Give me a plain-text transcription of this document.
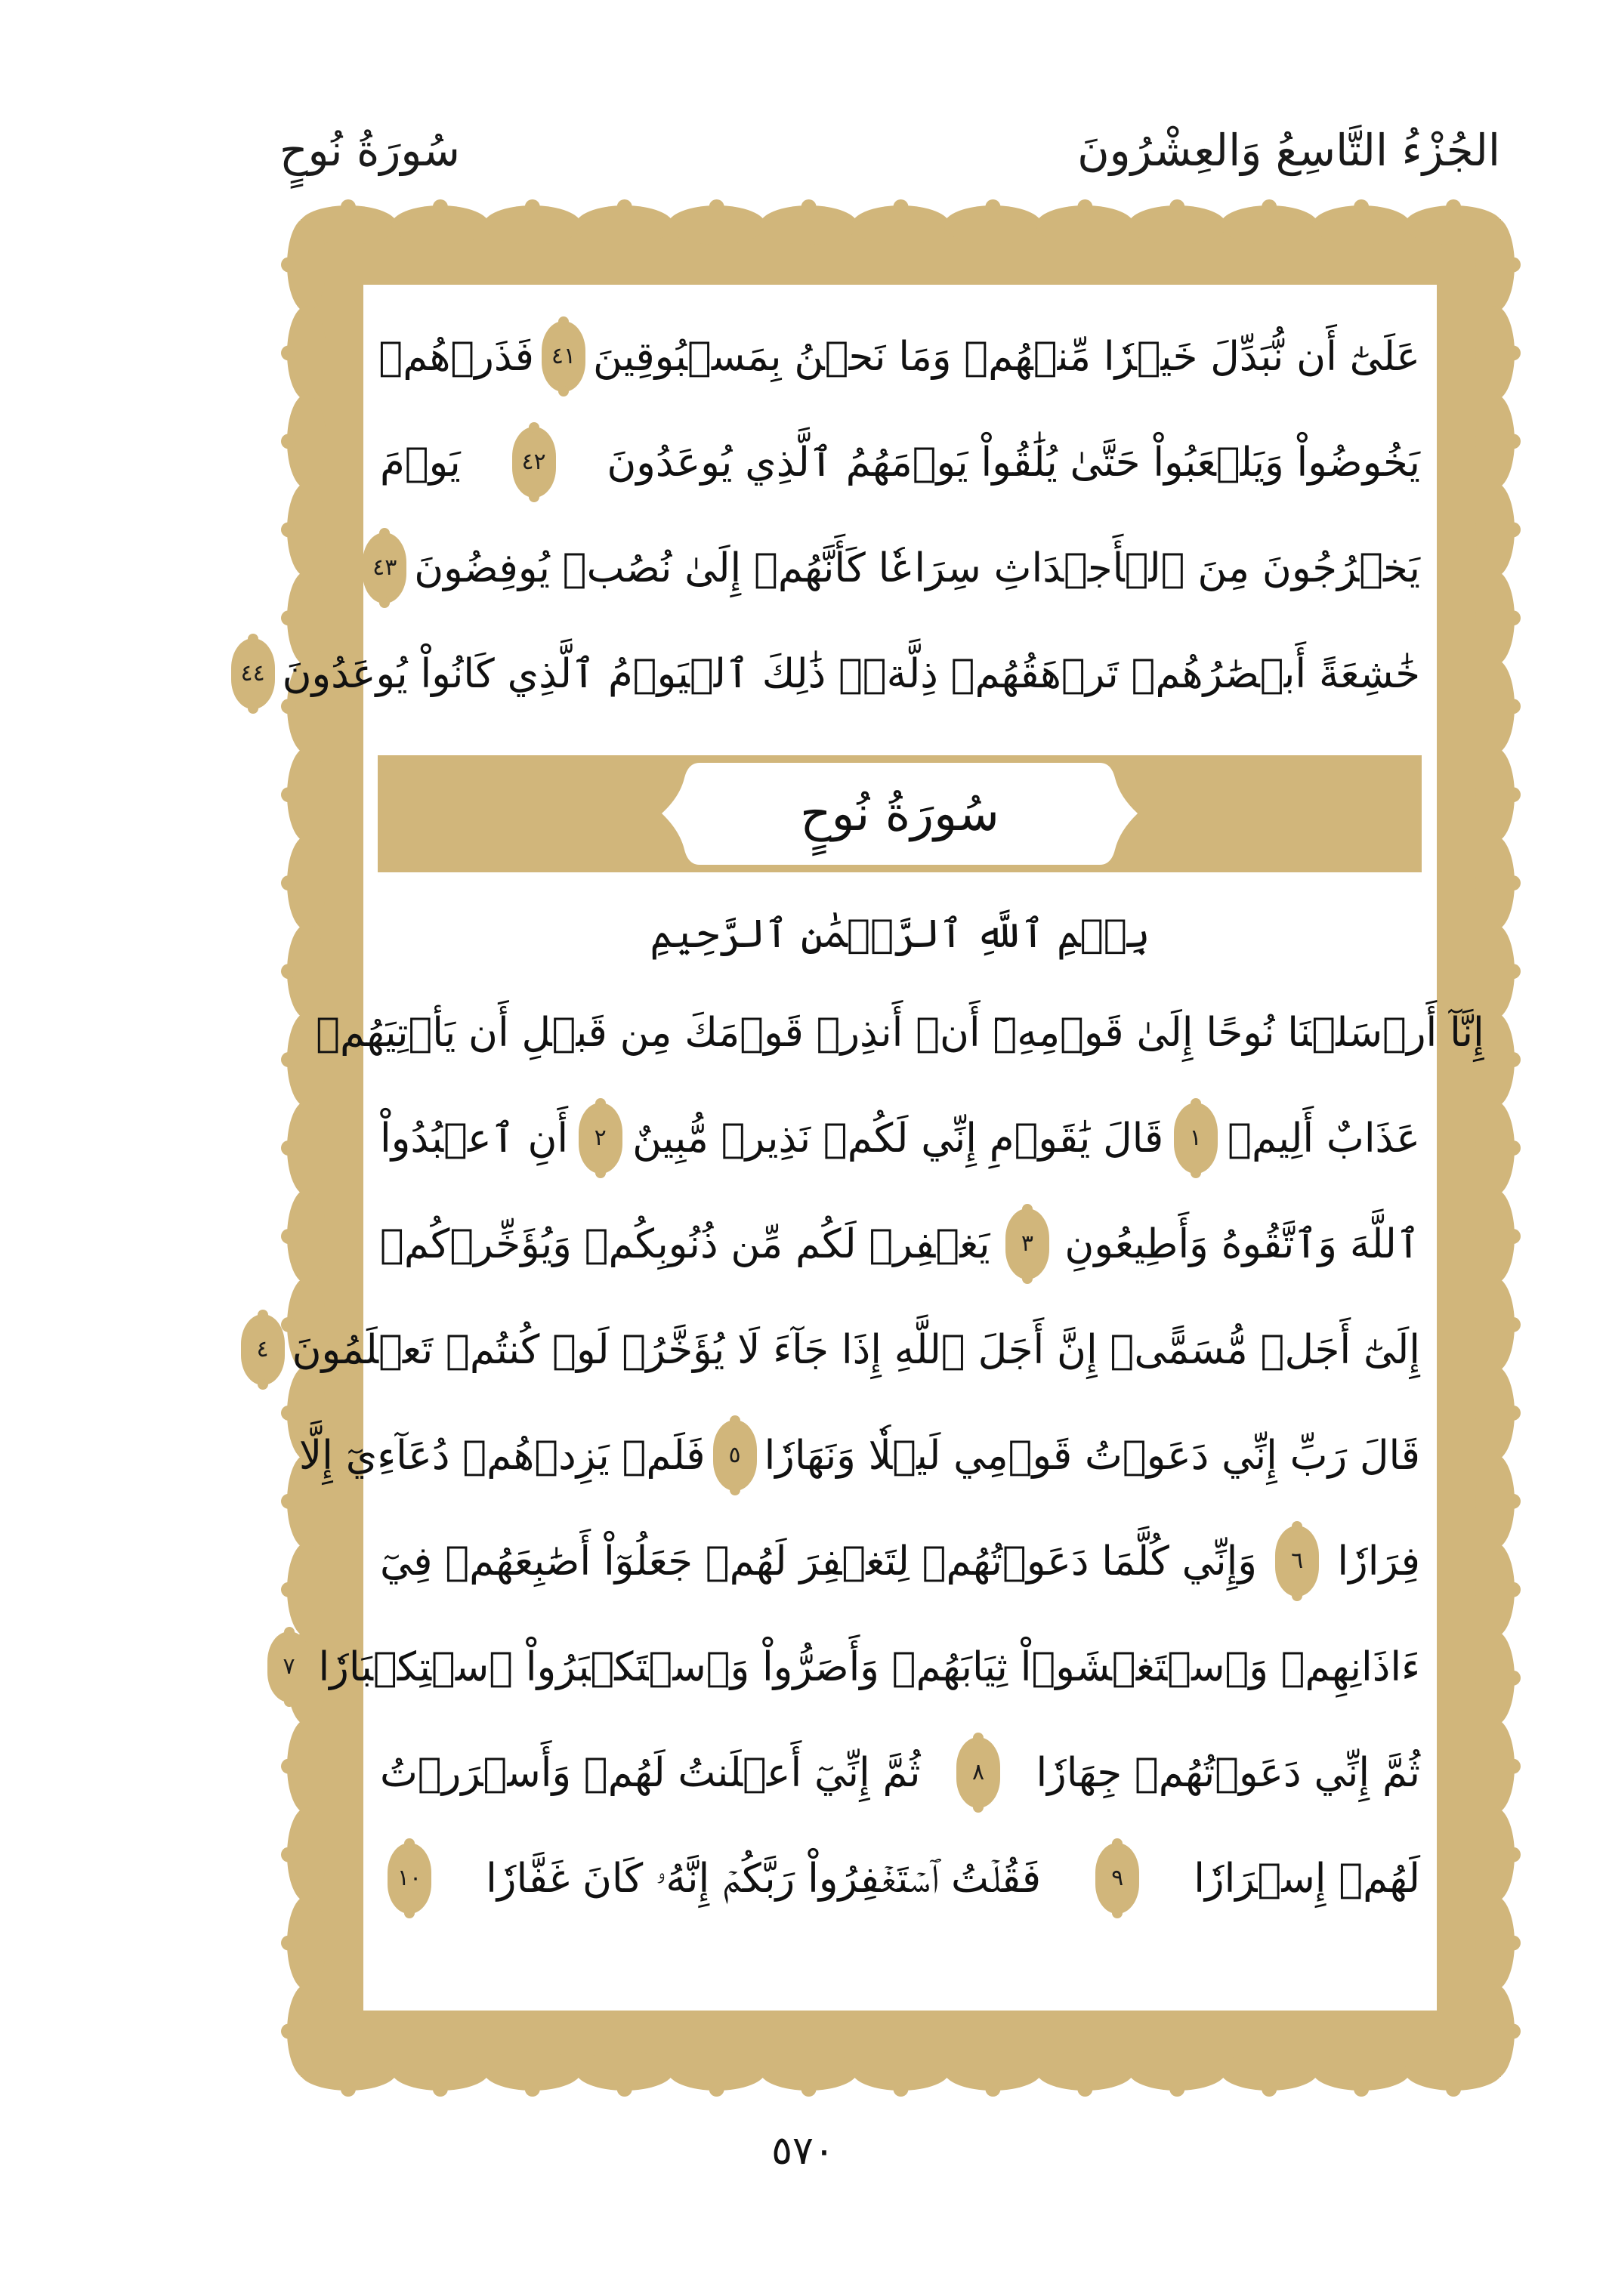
الجُزْءُ التَّاسِعُ وَالعِشْرُونَ
سُورَةُ نُوحٍ
عَلَىٰٓ أَن نُّبَدِّلَ خَيۡرٗا مِّنۡهُمۡ وَمَا نَحۡنُ بِمَسۡبُوقِينَ
٤١
فَذَرۡهُمۡ
يَخُوضُواْ وَيَلۡعَبُواْ حَتَّىٰ يُلَٰقُواْ يَوۡمَهُمُ ٱلَّذِي يُوعَدُونَ
٤٢
يَوۡمَ
يَخۡرُجُونَ مِنَ ٱلۡأَجۡدَاثِ سِرَاعٗا كَأَنَّهُمۡ إِلَىٰ نُصُبٖ يُوفِضُونَ
٤٣
خَٰشِعَةً أَبۡصَٰرُهُمۡ تَرۡهَقُهُمۡ ذِلَّةٞۚ ذَٰلِكَ ٱلۡيَوۡمُ ٱلَّذِي كَانُواْ يُوعَدُونَ
٤٤
سُورَةُ نُوحٍ
بِسۡمِ ٱللَّهِ ٱلرَّحۡمَٰنِ ٱلرَّحِيمِ
إِنَّآ أَرۡسَلۡنَا نُوحًا إِلَىٰ قَوۡمِهِۦٓ أَنۡ أَنذِرۡ قَوۡمَكَ مِن قَبۡلِ أَن يَأۡتِيَهُمۡ
عَذَابٌ أَلِيمٞ
١
قَالَ يَٰقَوۡمِ إِنِّي لَكُمۡ نَذِيرٞ مُّبِينٌ
٢
أَنِ ٱعۡبُدُواْ
ٱللَّهَ وَٱتَّقُوهُ وَأَطِيعُونِ
٣
يَغۡفِرۡ لَكُم مِّن ذُنُوبِكُمۡ وَيُؤَخِّرۡكُمۡ
إِلَىٰٓ أَجَلٖ مُّسَمًّىۚ إِنَّ أَجَلَ ٱللَّهِ إِذَا جَآءَ لَا يُؤَخَّرُۚ لَوۡ كُنتُمۡ تَعۡلَمُونَ
٤
قَالَ رَبِّ إِنِّي دَعَوۡتُ قَوۡمِي لَيۡلٗا وَنَهَارٗا
٥
فَلَمۡ يَزِدۡهُمۡ دُعَآءِيٓ إِلَّا
فِرَارٗا
٦
وَإِنِّي كُلَّمَا دَعَوۡتُهُمۡ لِتَغۡفِرَ لَهُمۡ جَعَلُوٓاْ أَصَٰبِعَهُمۡ فِيٓ
ءَاذَانِهِمۡ وَٱسۡتَغۡشَوۡاْ ثِيَابَهُمۡ وَأَصَرُّواْ وَٱسۡتَكۡبَرُواْ ٱسۡتِكۡبَارٗا
٧
ثُمَّ إِنِّي دَعَوۡتُهُمۡ جِهَارٗا
٨
ثُمَّ إِنِّيٓ أَعۡلَنتُ لَهُمۡ وَأَسۡرَرۡتُ
لَهُمۡ إِسۡرَارٗا
٩
فَقُلۡتُ ٱسۡتَغۡفِرُواْ رَبَّكُمۡ إِنَّهُۥ كَانَ غَفَّارٗا
١٠
٥٧٠
